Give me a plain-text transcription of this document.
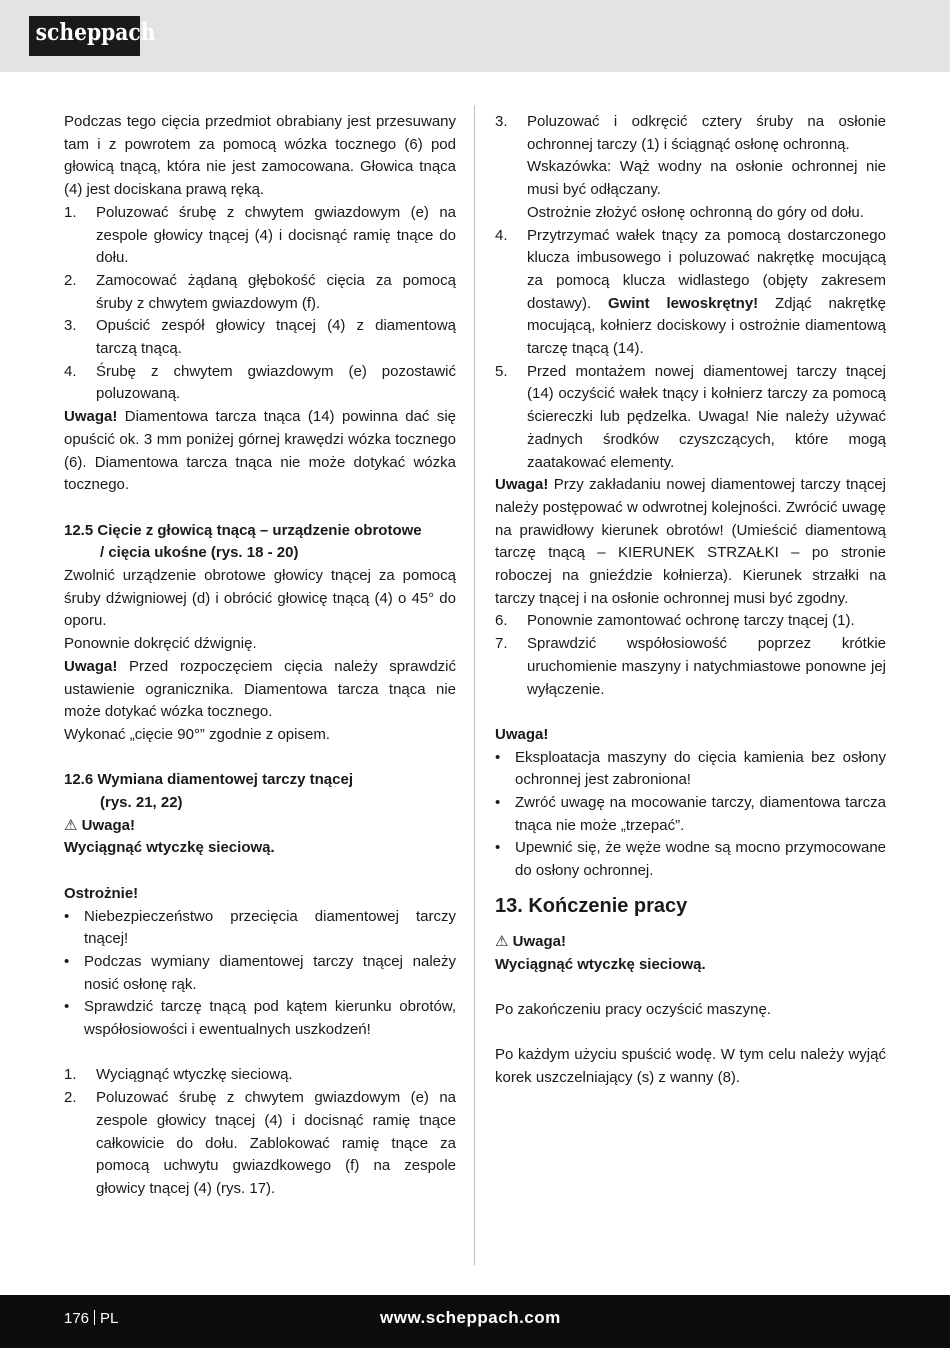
scheppach

Podczas tego cięcia przedmiot obrabiany jest przesuwany tam i z powrotem za pomocą wózka tocznego (6) pod głowicą tnącą, która nie jest zamocowana. Głowica tnąca (4) jest dociskana prawą ręką.

1. Poluzować śrubę z chwytem gwiazdowym (e) na zespole głowicy tnącej (4) i docisnąć ramię tnące do dołu.
2. Zamocować żądaną głębokość cięcia za pomocą śruby z chwytem gwiazdowym (f).
3. Opuścić zespół głowicy tnącej (4) z diamentową tarczą tnącą.
4. Śrubę z chwytem gwiazdowym (e) pozostawić poluzowaną.

Uwaga! Diamentowa tarcza tnąca (14) powinna dać się opuścić ok. 3 mm poniżej górnej krawędzi wózka tocznego (6). Diamentowa tarcza tnąca nie może dotykać wózka tocznego.

12.5 Cięcie z głowicą tnącą – urządzenie obrotowe
/ cięcia ukośne (rys. 18 - 20)

Zwolnić urządzenie obrotowe głowicy tnącej za pomocą śruby dźwigniowej (d) i obrócić głowicę tnącą (4) o 45° do oporu.

Ponownie dokręcić dźwignię.

Uwaga! Przed rozpoczęciem cięcia należy sprawdzić ustawienie ogranicznika. Diamentowa tarcza tnąca nie może dotykać wózka tocznego.

Wykonać „cięcie 90°” zgodnie z opisem.

12.6 Wymiana diamentowej tarczy tnącej
(rys. 21, 22)

⚠ Uwaga!

Wyciągnąć wtyczkę sieciową.

Ostrożnie!

• Niebezpieczeństwo przecięcia diamentowej tarczy tnącej!
• Podczas wymiany diamentowej tarczy tnącej należy nosić osłonę rąk.
• Sprawdzić tarczę tnącą pod kątem kierunku obrotów, współosiowości i ewentualnych uszkodzeń!
1. Wyciągnąć wtyczkę sieciową.
2. Poluzować śrubę z chwytem gwiazdowym (e) na zespole głowicy tnącej (4) i docisnąć ramię tnące całkowicie do dołu. Zablokować ramię tnące za pomocą uchwytu gwiazdkowego (f) na zespole głowicy tnącej (4) (rys. 17).
3. Poluzować i odkręcić cztery śruby na osłonie ochronnej tarczy (1) i ściągnąć osłonę ochronną.
Wskazówka: Wąż wodny na osłonie ochronnej nie musi być odłączany.
Ostrożnie złożyć osłonę ochronną do góry od dołu.
4. Przytrzymać wałek tnący za pomocą dostarczonego klucza imbusowego i poluzować nakrętkę mocującą za pomocą klucza widlastego (objęty zakresem dostawy). Gwint lewoskrętny! Zdjąć nakrętkę mocującą, kołnierz dociskowy i ostrożnie diamentową tarczę tnącą (14).
5. Przed montażem nowej diamentowej tarczy tnącej (14) oczyścić wałek tnący i kołnierz tarczy za pomocą ściereczki lub pędzelka. Uwaga! Nie należy używać żadnych środków czyszczących, które mogą zaatakować elementy.

Uwaga! Przy zakładaniu nowej diamentowej tarczy tnącej należy postępować w odwrotnej kolejności. Zwrócić uwagę na prawidłowy kierunek obrotów! (Umieścić diamentową tarczę tnącą – KIERUNEK STRZAŁKI – po stronie roboczej na gnieździe kołnierza). Kierunek strzałki na tarczy tnącej i na osłonie ochronnej musi być zgodny.

6. Ponownie zamontować ochronę tarczy tnącej (1).
7. Sprawdzić współosiowość poprzez krótkie uruchomienie maszyny i natychmiastowe ponowne jej wyłączenie.

Uwaga!

• Eksploatacja maszyny do cięcia kamienia bez osłony ochronnej jest zabroniona!
• Zwróć uwagę na mocowanie tarczy, diamentowa tarcza tnąca nie może „trzepać”.
• Upewnić się, że węże wodne są mocno przymocowane do osłony ochronnej.
13. Kończenie pracy

⚠ Uwaga!

Wyciągnąć wtyczkę sieciową.

Po zakończeniu pracy oczyścić maszynę.

Po każdym użyciu spuścić wodę. W tym celu należy wyjąć korek uszczelniający (s) z wanny (8).

176 PL	www.scheppach.com
